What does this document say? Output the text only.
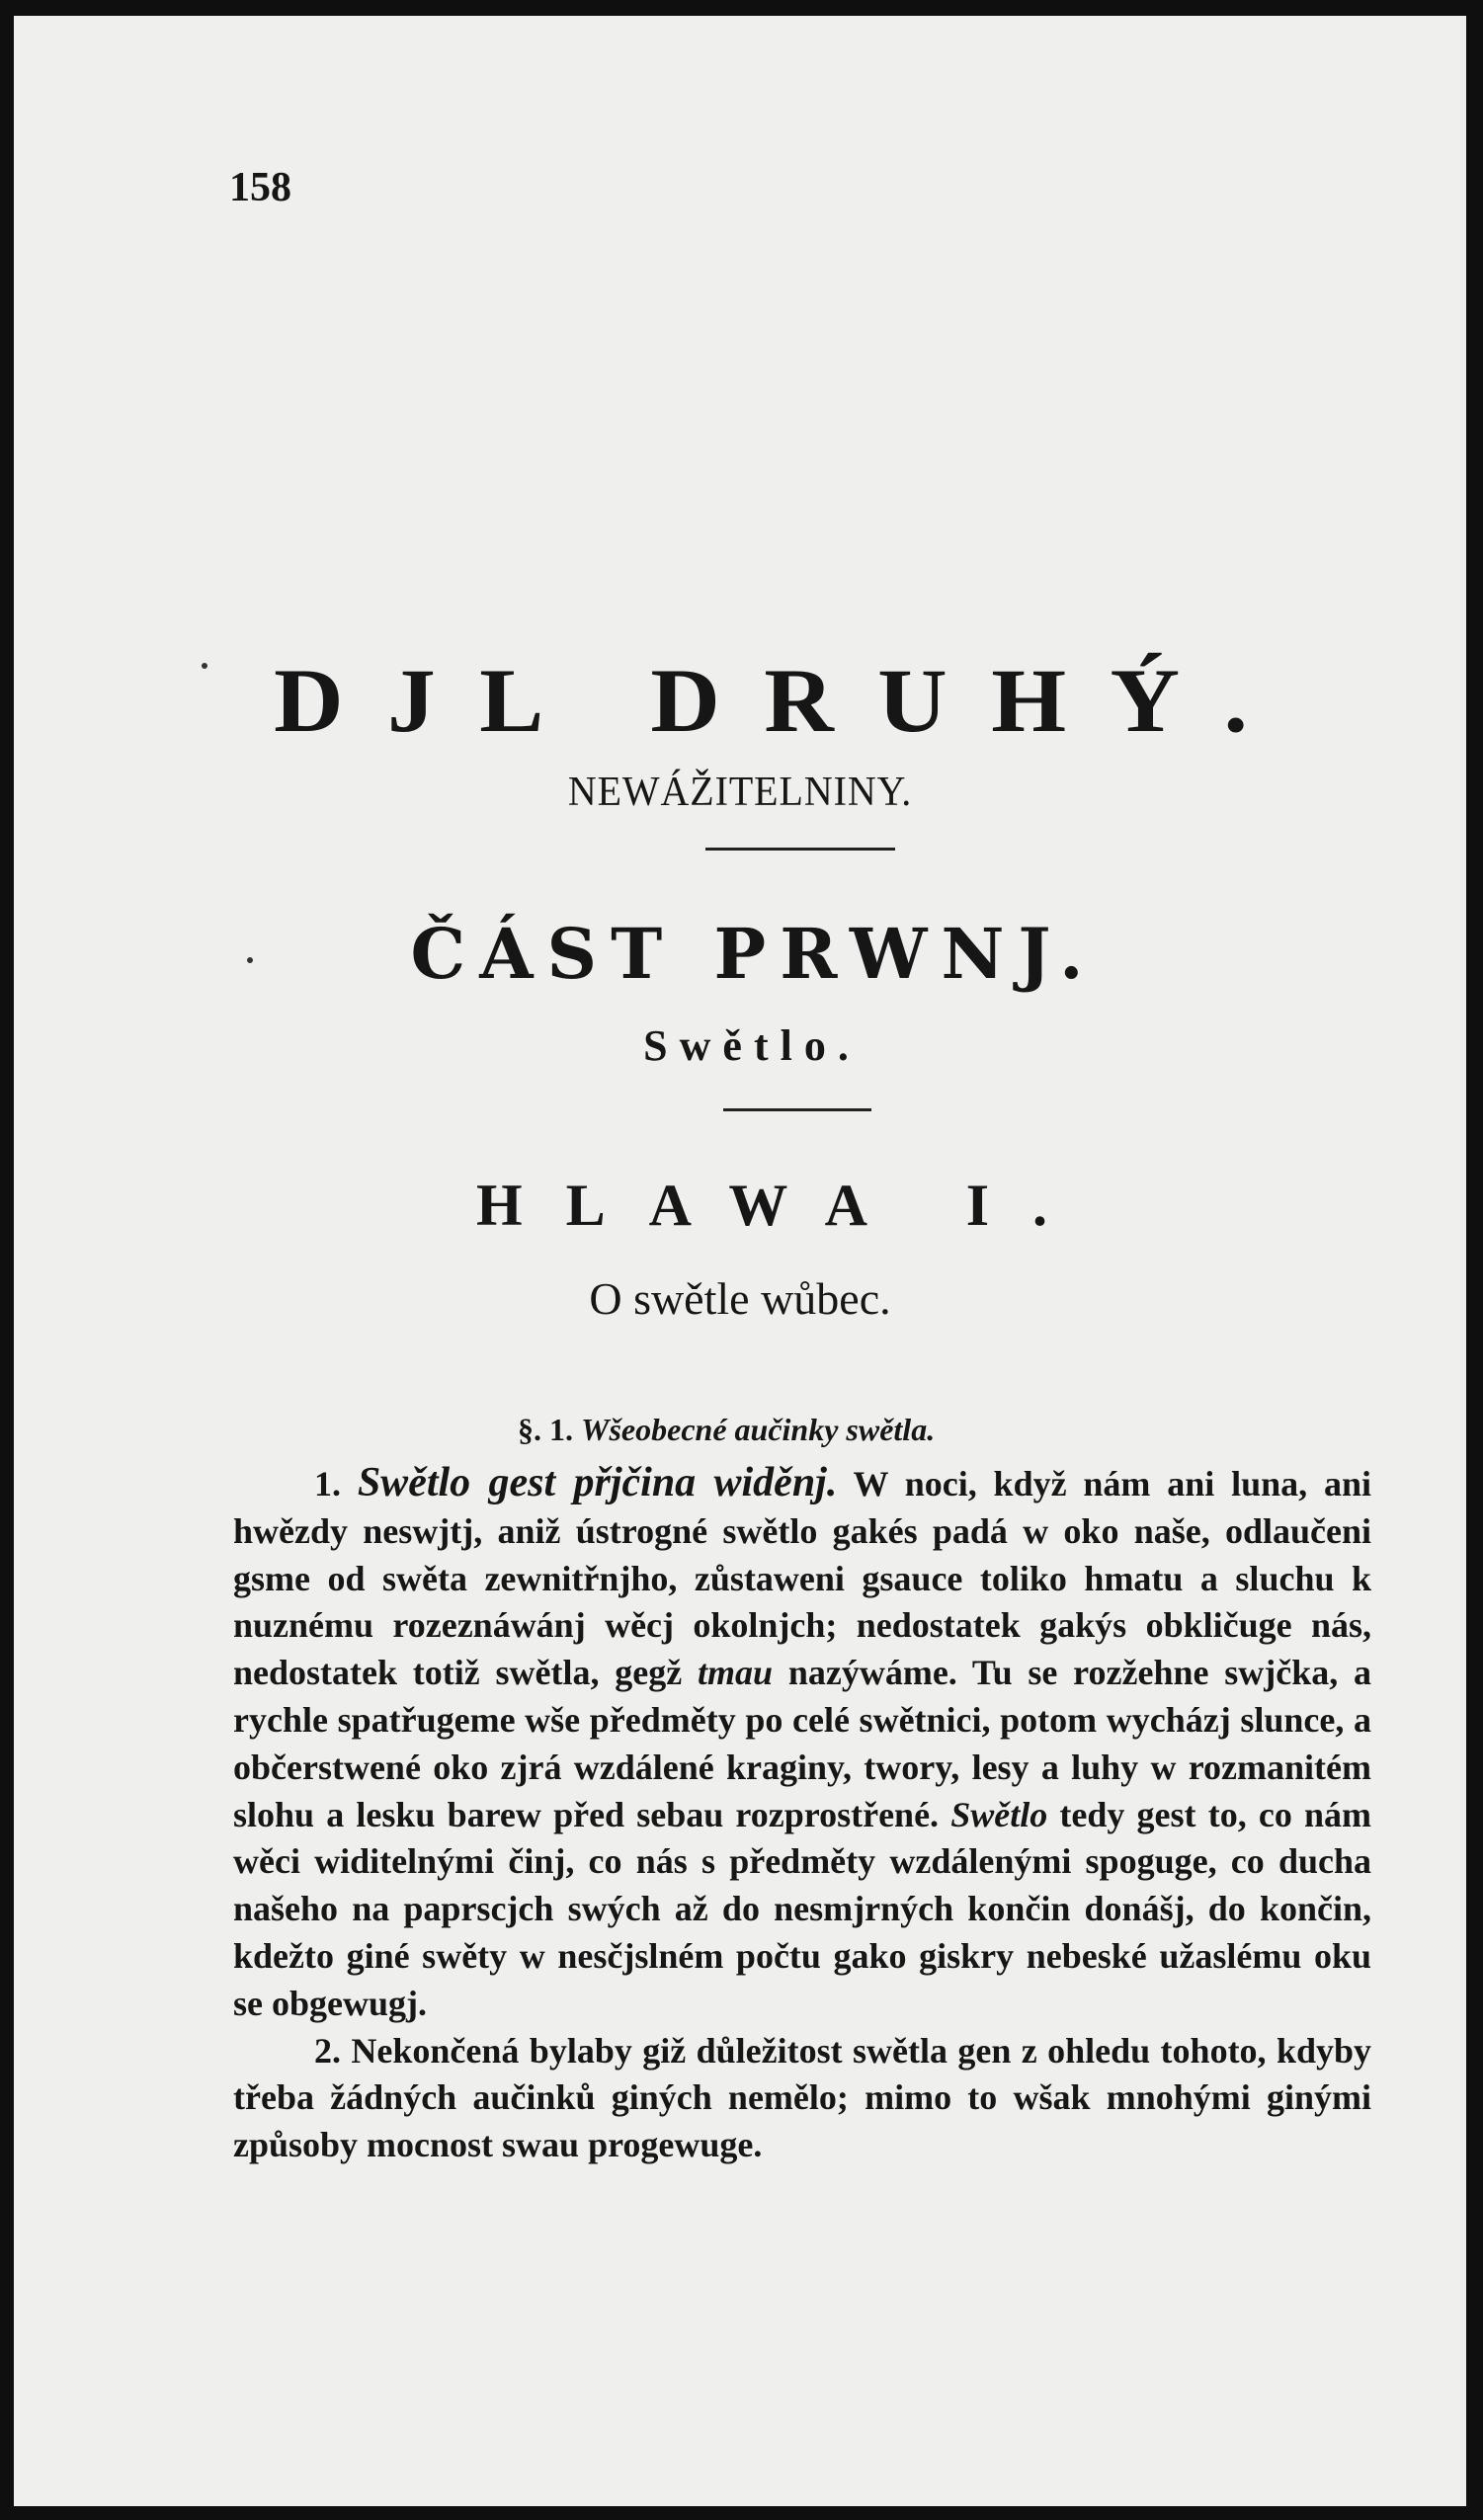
158
DJL DRUHÝ.
NEWÁŽITELNINY.
ČÁST PRWNJ.
Swětlo.
HLAWA I.
O swětle wůbec.
§. 1. Wšeobecné aučinky swětla.

1. Swětlo gest přjčina widěnj. W noci, když nám ani luna, ani hwězdy neswjtj, aniž ústrogné swětlo gakés padá w oko naše, odlaučeni gsme od swěta zewnitřnjho, zůstaweni gsauce toliko hmatu a sluchu k nuznému rozeznáwánj wěcj okolnjch; nedostatek gakýs obkličuge nás, nedostatek totiž swětla, gegž tmau nazýwáme. Tu se rozžehne swjčka, a rychle spatřugeme wše předměty po celé swětnici, potom wycházj slunce, a občerstwené oko zjrá wzdálené kraginy, twory, lesy a luhy w rozmanitém slohu a lesku barew před sebau rozprostřené. Swětlo tedy gest to, co nám wěci widitelnými činj, co nás s předměty wzdálenými spoguge, co ducha našeho na paprscjch swých až do nesmjrných končin donášj, do končin, kdežto giné swěty w nesčjslném počtu gako giskry nebeské užaslému oku se obgewugj.

2. Nekončená bylaby giž důležitost swětla gen z ohledu tohoto, kdyby třeba žádných aučinků giných nemělo; mimo to wšak mnohými ginými způsoby mocnost swau progewuge.
